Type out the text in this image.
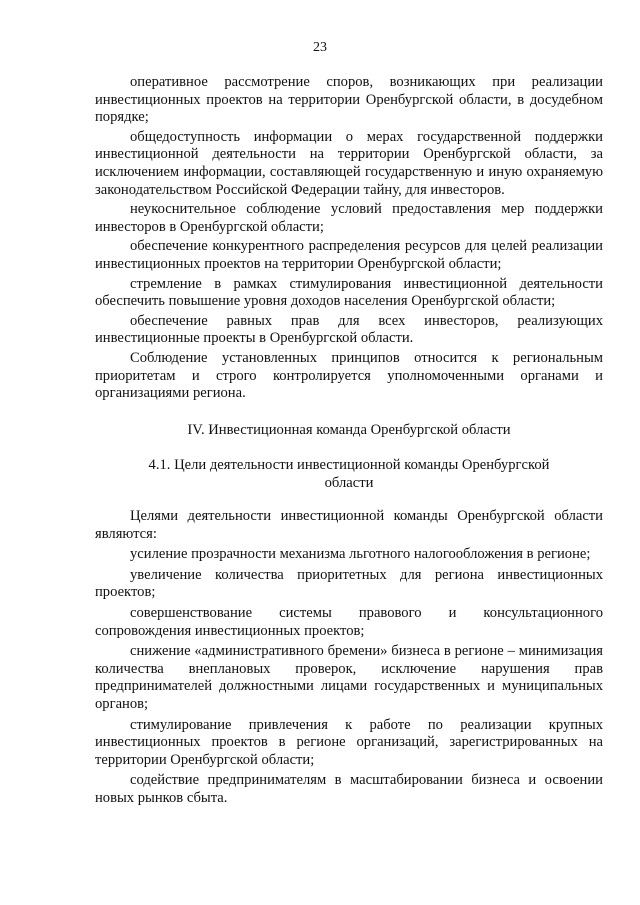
23

оперативное рассмотрение споров, возникающих при реализации инвестиционных проектов на территории Оренбургской области, в досудебном порядке;

общедоступность информации о мерах государственной поддержки инвестиционной деятельности на территории Оренбургской области, за исключением информации, составляющей государственную и иную охраняемую законодательством Российской Федерации тайну, для инвесторов.

неукоснительное соблюдение условий предоставления мер поддержки инвесторов в Оренбургской области;

обеспечение конкурентного распределения ресурсов для целей реализации инвестиционных проектов на территории Оренбургской области;

стремление в рамках стимулирования инвестиционной деятельности обеспечить повышение уровня доходов населения Оренбургской области;

обеспечение равных прав для всех инвесторов, реализующих инвестиционные проекты в Оренбургской области.

Соблюдение установленных принципов относится к региональным приоритетам и строго контролируется уполномоченными органами и организациями региона.

IV. Инвестиционная команда Оренбургской области
4.1. Цели деятельности инвестиционной команды Оренбургской области

Целями деятельности инвестиционной команды Оренбургской области являются:

усиление прозрачности механизма льготного налогообложения в регионе;

увеличение количества приоритетных для региона инвестиционных проектов;

совершенствование системы правового и консультационного сопровождения инвестиционных проектов;

снижение «административного бремени» бизнеса в регионе – минимизация количества внеплановых проверок, исключение нарушения прав предпринимателей должностными лицами государственных и муниципальных органов;

стимулирование привлечения к работе по реализации крупных инвестиционных проектов в регионе организаций, зарегистрированных на территории Оренбургской области;

содействие предпринимателям в масштабировании бизнеса и освоении новых рынков сбыта.
